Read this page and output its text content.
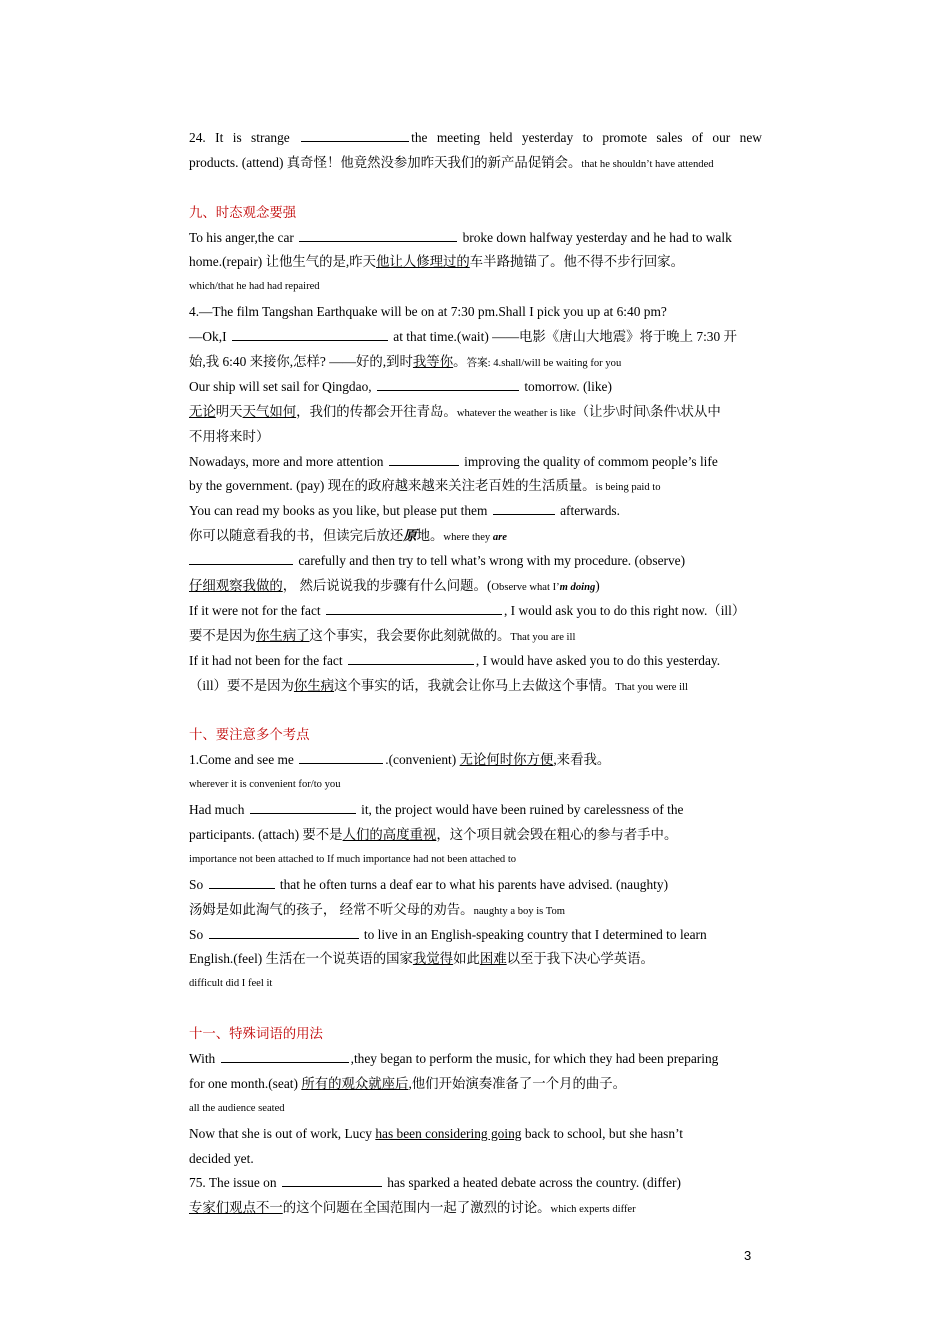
24. It is strange	the meeting held yesterday to promote sales of our new
products. (attend) 真奇怪！他竟然没参加昨天我们的新产品促销会。that he shouldn’t have attended
九、时态观念要强
To his anger,the car	broke down halfway yesterday and he had to walk
home.(repair) 让他生气的是,昨天他让人修理过的车半路抛锚了。他不得不步行回家。
which/that he had had repaired
4.—The film Tangshan Earthquake will be on at 7:30 pm.Shall I pick you up at 6:40 pm?
—Ok,I	at that time.(wait) ——电影《唐山大地震》将于晚上 7:30 开
始,我 6:40 来接你,怎样? ——好的,到时我等你。答案: 4.shall/will be waiting for you
Our ship will set sail for Qingdao,	tomorrow. (like)
无论明天天气如何，我们的传都会开往青岛。whatever the weather is like（让步\时间\条件\状从中
不用将来时）
Nowadays, more and more attention	improving the quality of commom people’s life
by the government. (pay) 现在的政府越来越来关注老百姓的生活质量。is being paid to
You can read my books as you like, but please put them	afterwards.
你可以随意看我的书，但读完后放还原地。where they are
carefully and then try to tell what’s wrong with my procedure. (observe)
仔细观察我做的， 然后说说我的步骤有什么问题。(Observe what I’m doing)
If it were not for the fact	, I would ask you to do this right now.（ill）
要不是因为你生病了这个事实，我会要你此刻就做的。That you are ill
If it had not been for the fact	, I would have asked you to do this yesterday.
（ill）要不是因为你生病这个事实的话，我就会让你马上去做这个事情。That you were ill
十、要注意多个考点
1.Come and see me	.(convenient) 无论何时你方便,来看我。
wherever it is convenient for/to you
Had much	it, the project would have been ruined by carelessness of the
participants. (attach) 要不是人们的高度重视，这个项目就会毁在粗心的参与者手中。
importance not been attached to If much importance had not been attached to
So	that he often turns a deaf ear to what his parents have advised. (naughty)
汤姆是如此淘气的孩子， 经常不听父母的劝告。naughty a boy is Tom
So	to live in an English-speaking country that I determined to learn
English.(feel) 生活在一个说英语的国家我觉得如此困难以至于我下决心学英语。
difficult did I feel it
十一、特殊词语的用法
With	,they began to perform the music, for which they had been preparing
for one month.(seat) 所有的观众就座后,他们开始演奏准备了一个月的曲子。
all the audience seated
Now that she is out of work, Lucy has been considering going back to school, but she hasn’t
decided yet.
75. The issue on	has sparked a heated debate across the country. (differ)
专家们观点不一的这个问题在全国范围内一起了激烈的讨论。which experts differ
3
